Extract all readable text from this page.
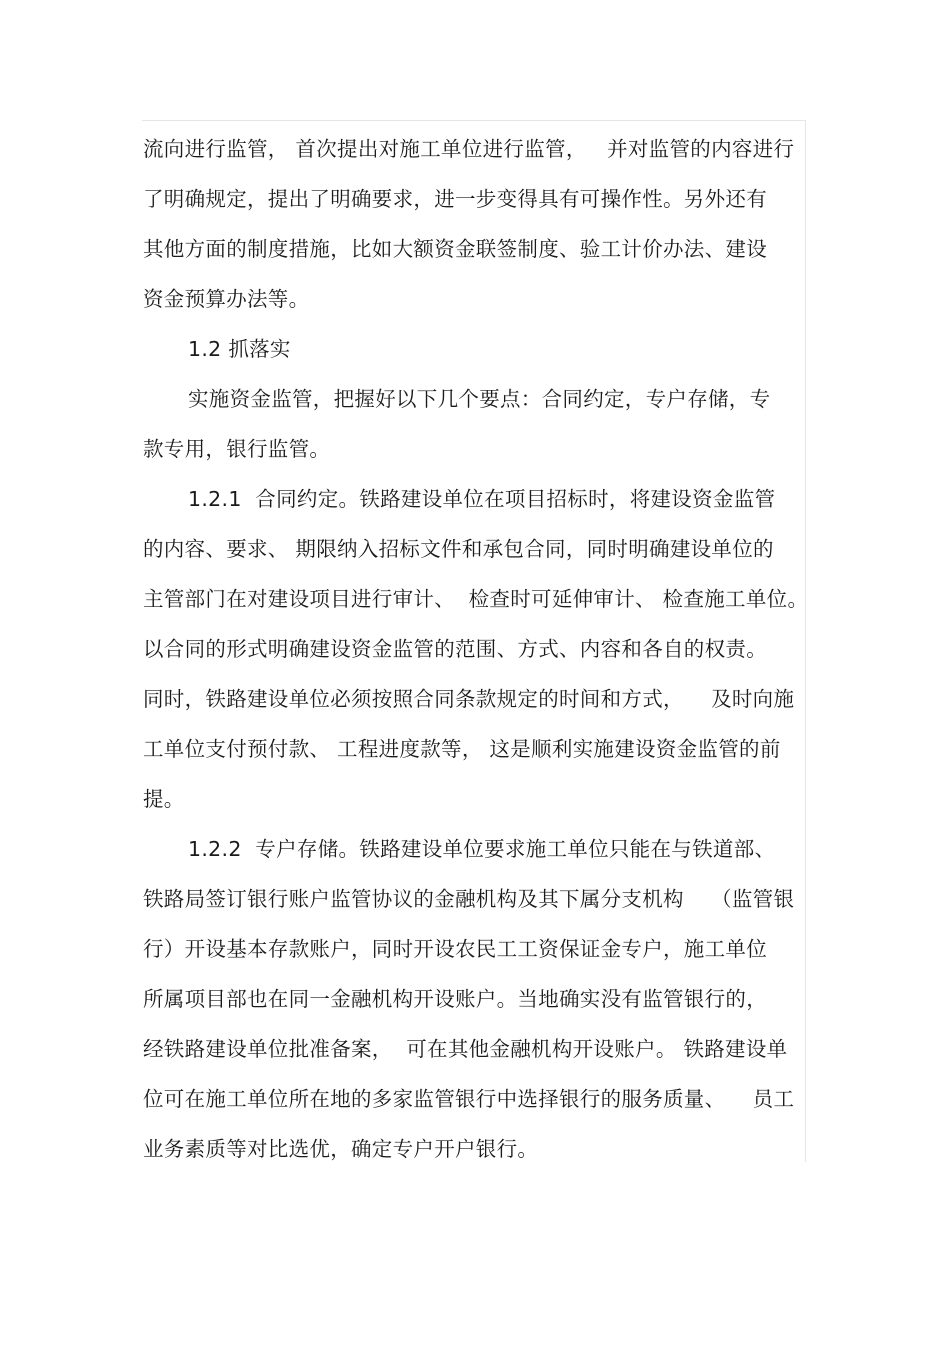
流向进行监管， 首次提出对施工单位进行监管，   并对监管的内容进行
了明确规定，提出了明确要求，进一步变得具有可操作性。另外还有
其他方面的制度措施，比如大额资金联签制度、验工计价办法、建设
资金预算办法等。
1.2 抓落实
实施资金监管，把握好以下几个要点：合同约定，专户存储，专
款专用，银行监管。
1.2.1  合同约定。铁路建设单位在项目招标时，将建设资金监管
的内容、要求、 期限纳入招标文件和承包合同，同时明确建设单位的
主管部门在对建设项目进行审计、  检查时可延伸审计、 检查施工单位。
以合同的形式明确建设资金监管的范围、方式、内容和各自的权责。
同时，铁路建设单位必须按照合同条款规定的时间和方式，    及时向施
工单位支付预付款、 工程进度款等， 这是顺利实施建设资金监管的前
提。
1.2.2  专户存储。铁路建设单位要求施工单位只能在与铁道部、
铁路局签订银行账户监管协议的金融机构及其下属分支机构    （监管银
行）开设基本存款账户，同时开设农民工工资保证金专户，施工单位
所属项目部也在同一金融机构开设账户。当地确实没有监管银行的，
经铁路建设单位批准备案，  可在其他金融机构开设账户。 铁路建设单
位可在施工单位所在地的多家监管银行中选择银行的服务质量、    员工
业务素质等对比选优，确定专户开户银行。
